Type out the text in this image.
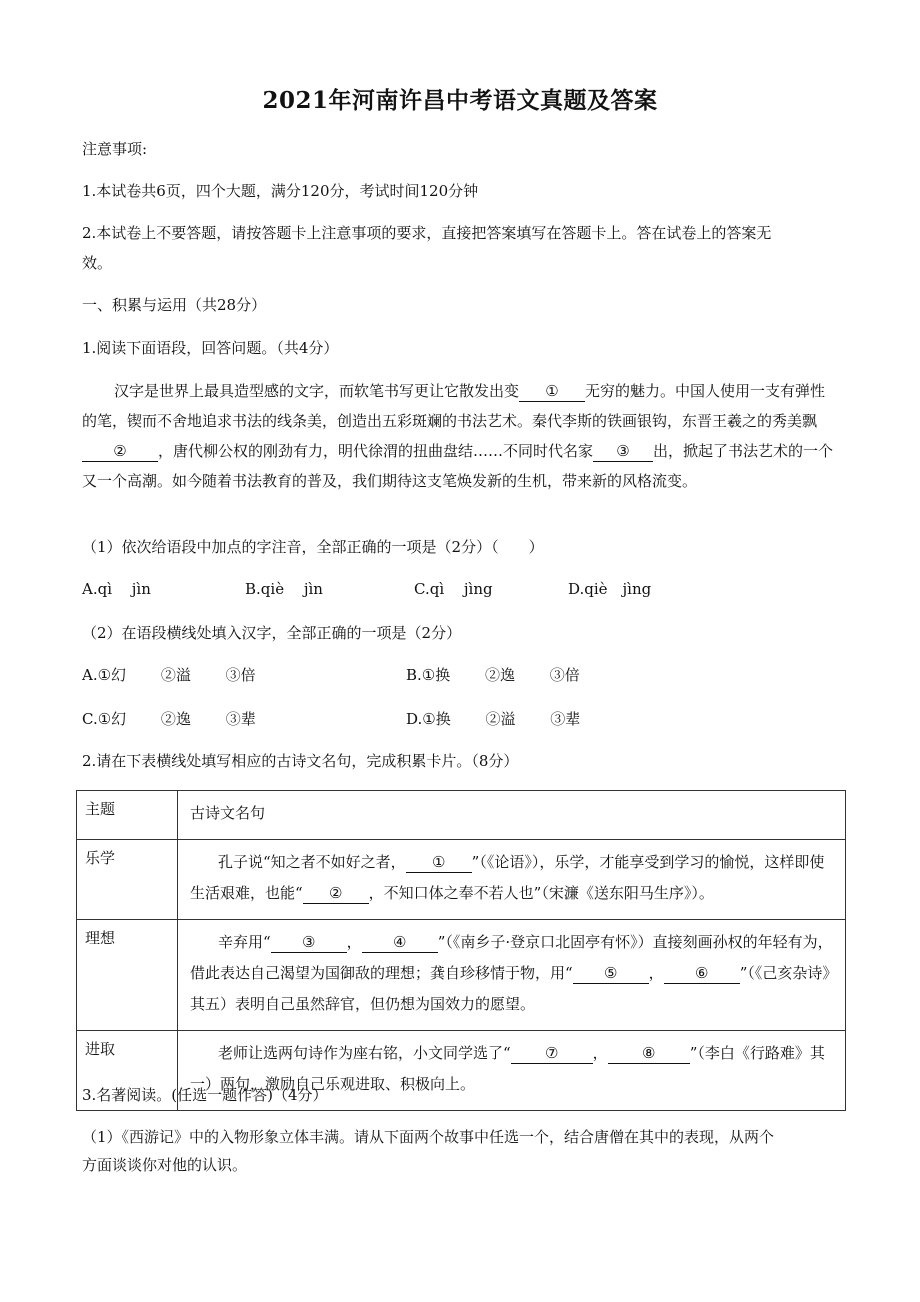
2021年河南许昌中考语文真题及答案
注意事项:
1.本试卷共6页，四个大题，满分120分，考试时间120分钟
2.本试卷上不要答题，请按答题卡上注意事项的要求，直接把答案填写在答题卡上。答在试卷上的答案无
效。
一、积累与运用（共28分）
1.阅读下面语段，回答问题。（共4分）
汉字是世界上最具造型感的文字，而软笔书写更让它散发出变 ① 无穷的魅力。中国人使用一支有弹性的笔，锲而不舍地追求书法的线条美，创造出五彩斑斓的书法艺术。秦代李斯的铁画银钩，东晋王羲之的秀美飘② ，唐代柳公权的刚劲有力，明代徐渭的扭曲盘结……不同时代名家 ③ 出，掀起了书法艺术的一个又一个高潮。如今随着书法教育的普及，我们期待这支笔焕发新的生机，带来新的风格流变。
（1）依次给语段中加点的字注音，全部正确的一项是（2分）（　　）
A.qì　 jìn	B.qiè　 jìn	C.qì　 jìng	D.qiè　jìng
（2）在语段横线处填入汉字，全部正确的一项是（2分）
A.①幻　　 ②溢　　 ③倍	B.①换　　 ②逸　　 ③倍
C.①幻　　 ②逸　　 ③辈	D.①换　　 ②溢　　 ③辈
2.请在下表横线处填写相应的古诗文名句，完成积累卡片。（8分）
主题	古诗文名句
乐学	孔子说“知之者不如好之者， ① ”（《论语》），乐学，才能享受到学习的愉悦，这样即使生活艰难，也能“ ② ，不知口体之奉不若人也”（宋濂《送东阳马生序》）。
理想	辛弃用“ ③ ， ④ ”（《南乡子·登京口北固亭有怀》）直接刻画孙权的年轻有为，借此表达自己渴望为国御敌的理想；龚自珍移情于物，用“ ⑤ ， ⑥ ”（《己亥杂诗》其五）表明自己虽然辞官，但仍想为国效力的愿望。
进取	老师让选两句诗作为座右铭，小文同学选了“ ⑦ ， ⑧ ”（李白《行路难》其一）两句，激励自己乐观进取、积极向上。
3.名著阅读。(任选一题作答)（4分）
（1）《西游记》中的入物形象立体丰满。请从下面两个故事中任选一个，结合唐僧在其中的表现，从两个
方面谈谈你对他的认识。
